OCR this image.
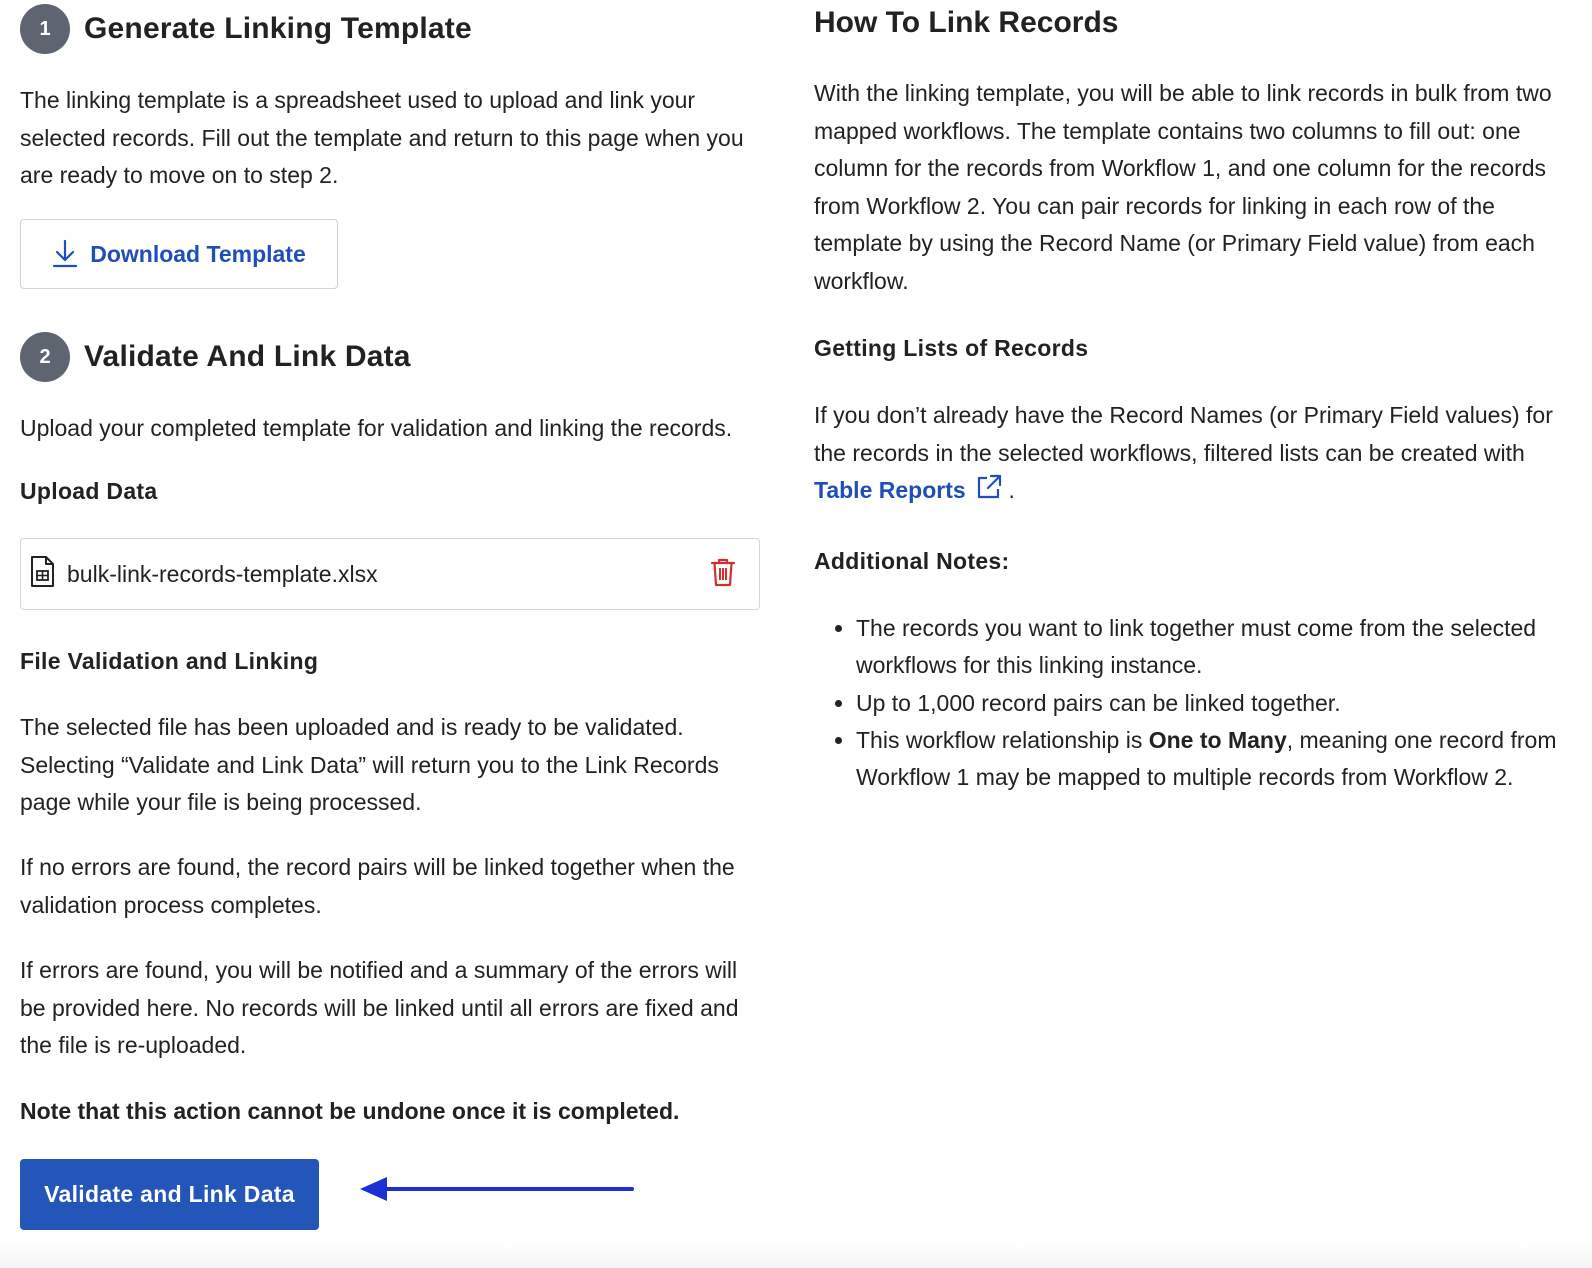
1	Generate Linking Template

The linking template is a spreadsheet used to upload and link your selected records. Fill out the template and return to this page when you are ready to move on to step 2.

Download Template
2	Validate And Link Data

Upload your completed template for validation and linking the records.

Upload Data
bulk-link-records-template.xlsx
File Validation and Linking

The selected file has been uploaded and is ready to be validated. Selecting “Validate and Link Data” will return you to the Link Records page while your file is being processed.

If no errors are found, the record pairs will be linked together when the validation process completes.

If errors are found, you will be notified and a summary of the errors will be provided here. No records will be linked until all errors are fixed and the file is re-uploaded.

Note that this action cannot be undone once it is completed.

Validate and Link Data
How To Link Records

With the linking template, you will be able to link records in bulk from two mapped workflows. The template contains two columns to fill out: one column for the records from Workflow 1, and one column for the records from Workflow 2. You can pair records for linking in each row of the template by using the Record Name (or Primary Field value) from each workflow.

Getting Lists of Records

If you don’t already have the Record Names (or Primary Field values) for the records in the selected workflows, filtered lists can be created with Table Reports .

Additional Notes:
• The records you want to link together must come from the selected workflows for this linking instance.
• Up to 1,000 record pairs can be linked together.
• This workflow relationship is One to Many, meaning one record from Workflow 1 may be mapped to multiple records from Workflow 2.
